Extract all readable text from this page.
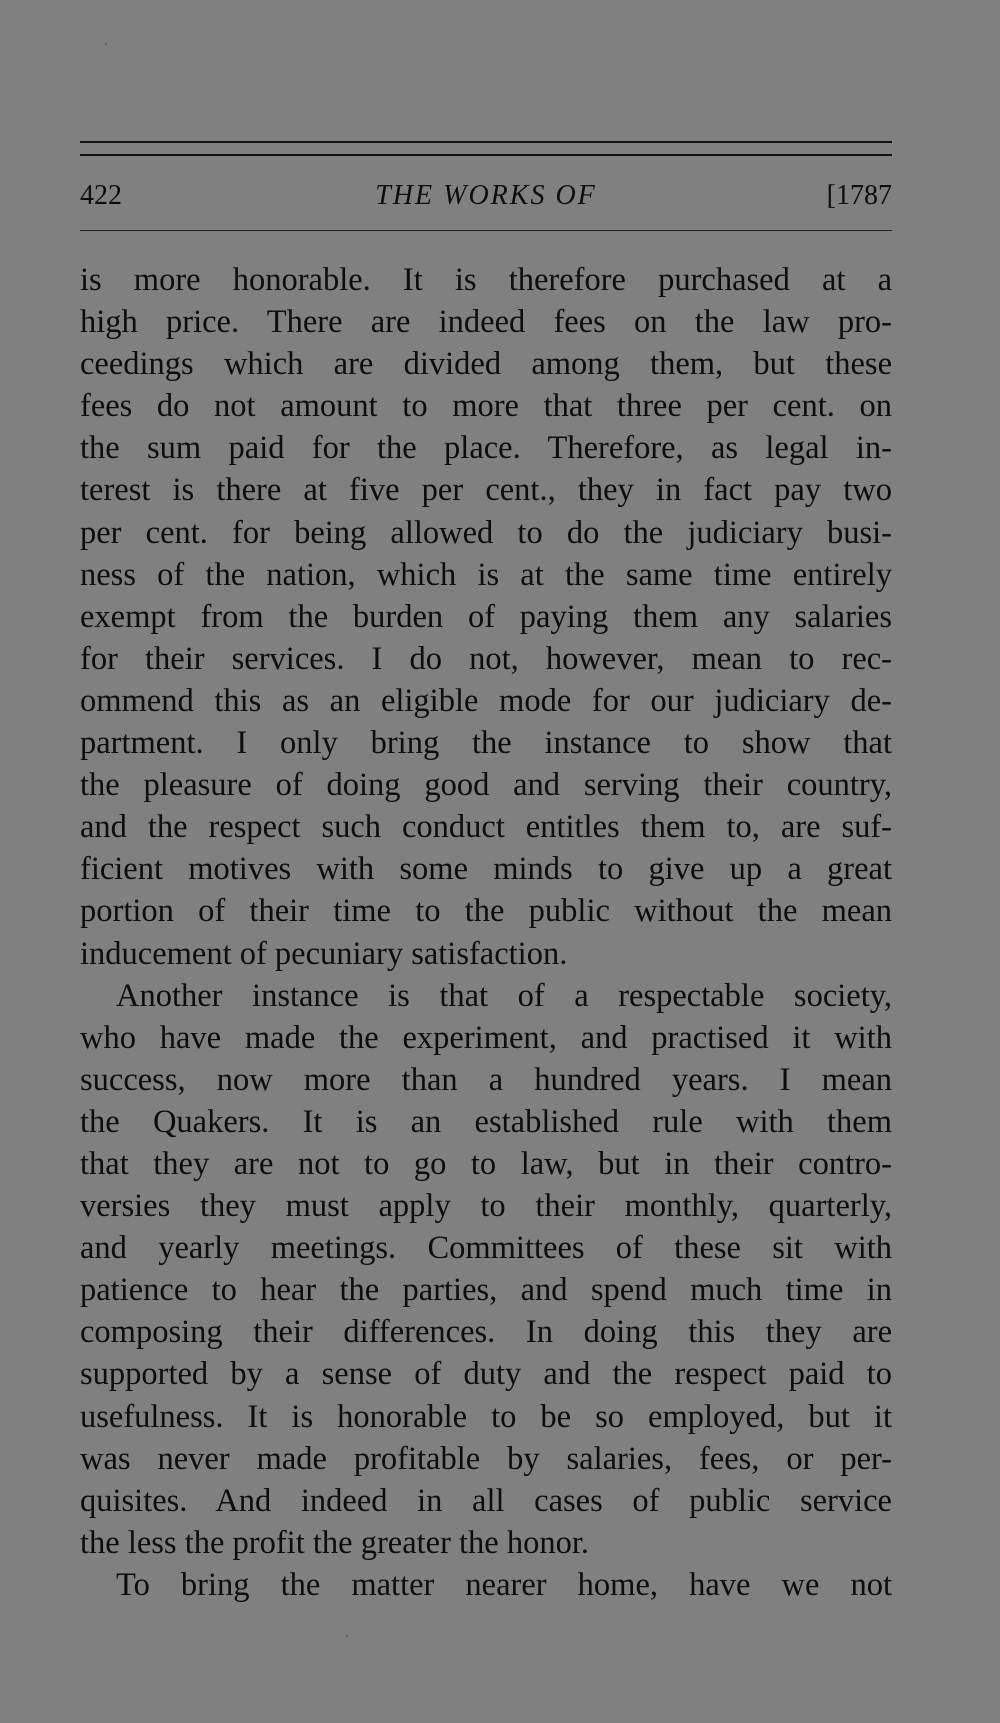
422	THE WORKS OF	[1787
is more honorable. It is therefore purchased at a
high price. There are indeed fees on the law pro-
ceedings which are divided among them, but these
fees do not amount to more that three per cent. on
the sum paid for the place. Therefore, as legal in-
terest is there at five per cent., they in fact pay two
per cent. for being allowed to do the judiciary busi-
ness of the nation, which is at the same time entirely
exempt from the burden of paying them any salaries
for their services. I do not, however, mean to rec-
ommend this as an eligible mode for our judiciary de-
partment. I only bring the instance to show that
the pleasure of doing good and serving their country,
and the respect such conduct entitles them to, are suf-
ficient motives with some minds to give up a great
portion of their time to the public without the mean
inducement of pecuniary satisfaction.
Another instance is that of a respectable society,
who have made the experiment, and practised it with
success, now more than a hundred years. I mean
the Quakers. It is an established rule with them
that they are not to go to law, but in their contro-
versies they must apply to their monthly, quarterly,
and yearly meetings. Committees of these sit with
patience to hear the parties, and spend much time in
composing their differences. In doing this they are
supported by a sense of duty and the respect paid to
usefulness. It is honorable to be so employed, but it
was never made profitable by salaries, fees, or per-
quisites. And indeed in all cases of public service
the less the profit the greater the honor.
To bring the matter nearer home, have we not
